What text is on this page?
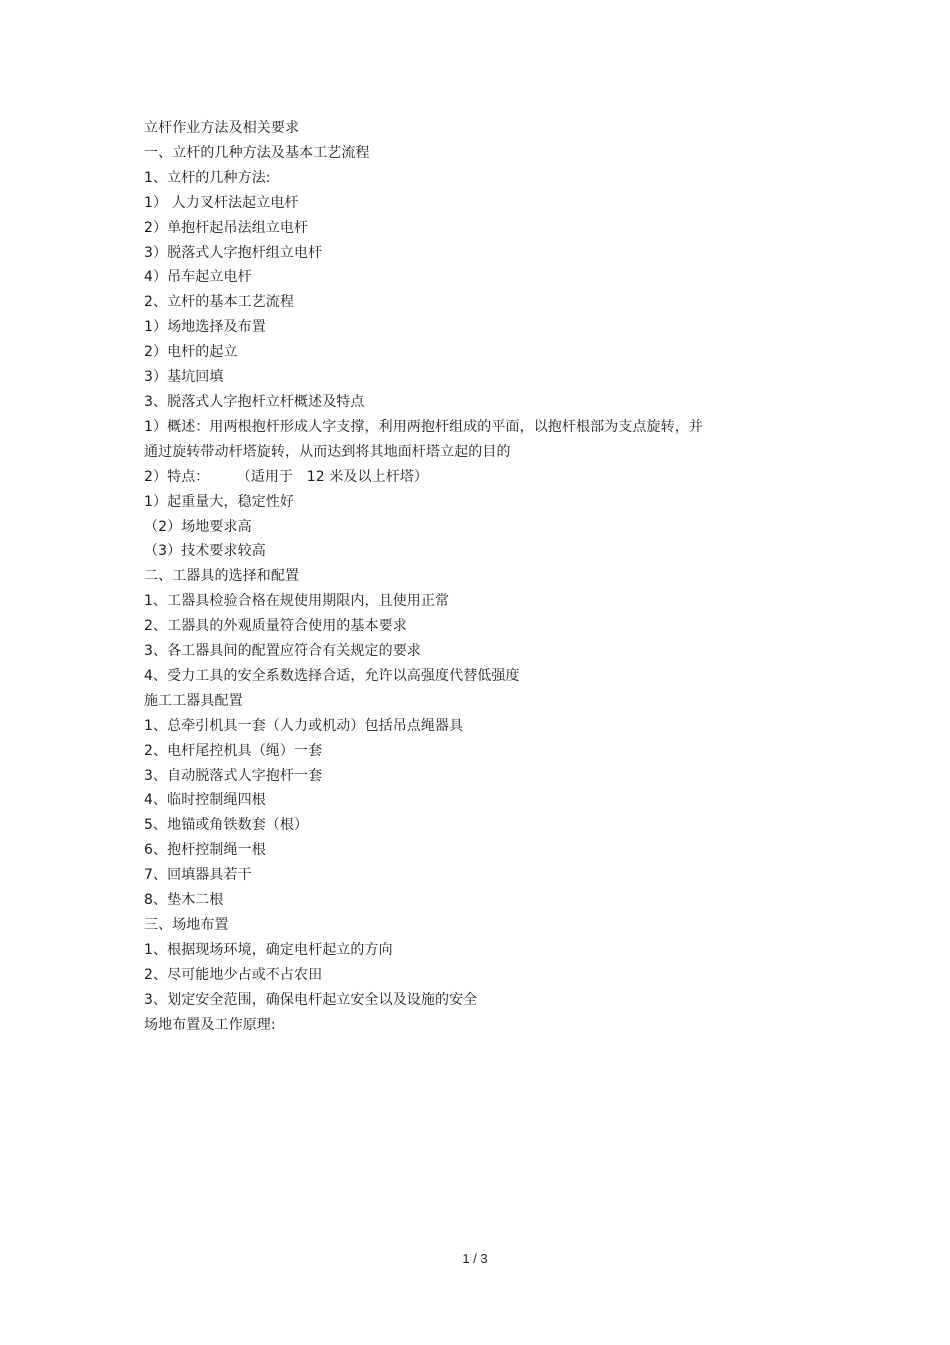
立杆作业方法及相关要求
一、立杆的几种方法及基本工艺流程
1、立杆的几种方法:
1） 人力叉杆法起立电杆
2）单抱杆起吊法组立电杆
3）脱落式人字抱杆组立电杆
4）吊车起立电杆
2、立杆的基本工艺流程
1）场地选择及布置
2）电杆的起立
3）基坑回填
3、脱落式人字抱杆立杆概述及特点
1）概述：用两根抱杆形成人字支撑，利用两抱杆组成的平面，以抱杆根部为支点旋转，并
通过旋转带动杆塔旋转，从而达到将其地面杆塔立起的目的
2）特点：      （适用于   12 米及以上杆塔）
1）起重量大，稳定性好
（2）场地要求高
（3）技术要求较高
二、工器具的选择和配置
1、工器具检验合格在规使用期限内，且使用正常
2、工器具的外观质量符合使用的基本要求
3、各工器具间的配置应符合有关规定的要求
4、受力工具的安全系数选择合适，允许以高强度代替低强度
施工工器具配置
1、总牵引机具一套（人力或机动）包括吊点绳器具
2、电杆尾控机具（绳）一套
3、自动脱落式人字抱杆一套
4、临时控制绳四根
5、地锚或角铁数套（根）
6、抱杆控制绳一根
7、回填器具若干
8、垫木二根
三、场地布置
1、根据现场环境，确定电杆起立的方向
2、尽可能地少占或不占农田
3、划定安全范围，确保电杆起立安全以及设施的安全
场地布置及工作原理:
1 / 3
